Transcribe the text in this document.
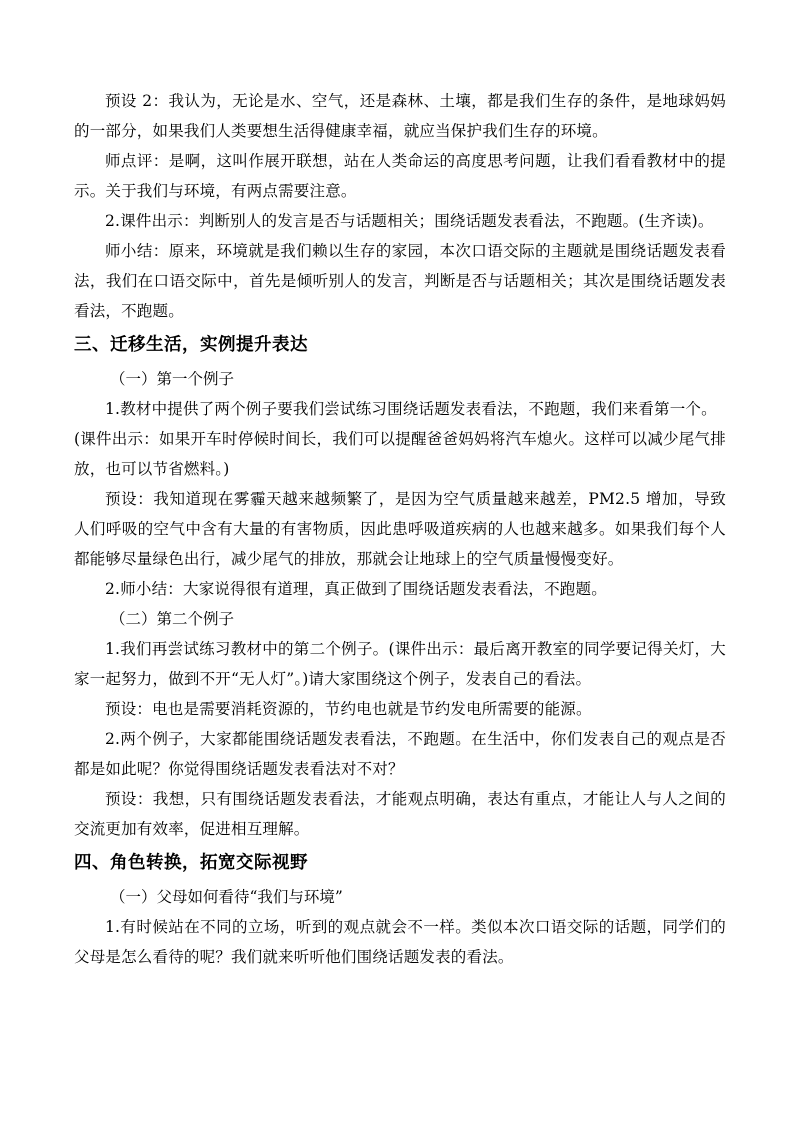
预设 2：我认为，无论是水、空气，还是森林、土壤，都是我们生存的条件，是地球妈妈的一部分，如果我们人类要想生活得健康幸福，就应当保护我们生存的环境。

师点评：是啊，这叫作展开联想，站在人类命运的高度思考问题，让我们看看教材中的提示。关于我们与环境，有两点需要注意。

2.课件出示：判断别人的发言是否与话题相关；围绕话题发表看法，不跑题。(生齐读)。

师小结：原来，环境就是我们赖以生存的家园，本次口语交际的主题就是围绕话题发表看法，我们在口语交际中，首先是倾听别人的发言，判断是否与话题相关；其次是围绕话题发表看法，不跑题。

三、迁移生活，实例提升表达

（一）第一个例子

1.教材中提供了两个例子要我们尝试练习围绕话题发表看法，不跑题，我们来看第一个。

(课件出示：如果开车时停候时间长，我们可以提醒爸爸妈妈将汽车熄火。这样可以减少尾气排放，也可以节省燃料。)

预设：我知道现在雾霾天越来越频繁了，是因为空气质量越来越差，PM2.5 增加，导致人们呼吸的空气中含有大量的有害物质，因此患呼吸道疾病的人也越来越多。如果我们每个人都能够尽量绿色出行，减少尾气的排放，那就会让地球上的空气质量慢慢变好。

2.师小结：大家说得很有道理，真正做到了围绕话题发表看法，不跑题。

（二）第二个例子

1.我们再尝试练习教材中的第二个例子。(课件出示：最后离开教室的同学要记得关灯，大家一起努力，做到不开“无人灯”。)请大家围绕这个例子，发表自己的看法。

预设：电也是需要消耗资源的，节约电也就是节约发电所需要的能源。

2.两个例子，大家都能围绕话题发表看法，不跑题。在生活中，你们发表自己的观点是否都是如此呢？你觉得围绕话题发表看法对不对？

预设：我想，只有围绕话题发表看法，才能观点明确，表达有重点，才能让人与人之间的交流更加有效率，促进相互理解。

四、角色转换，拓宽交际视野

（一）父母如何看待“我们与环境”

1.有时候站在不同的立场，听到的观点就会不一样。类似本次口语交际的话题，同学们的父母是怎么看待的呢？我们就来听听他们围绕话题发表的看法。
